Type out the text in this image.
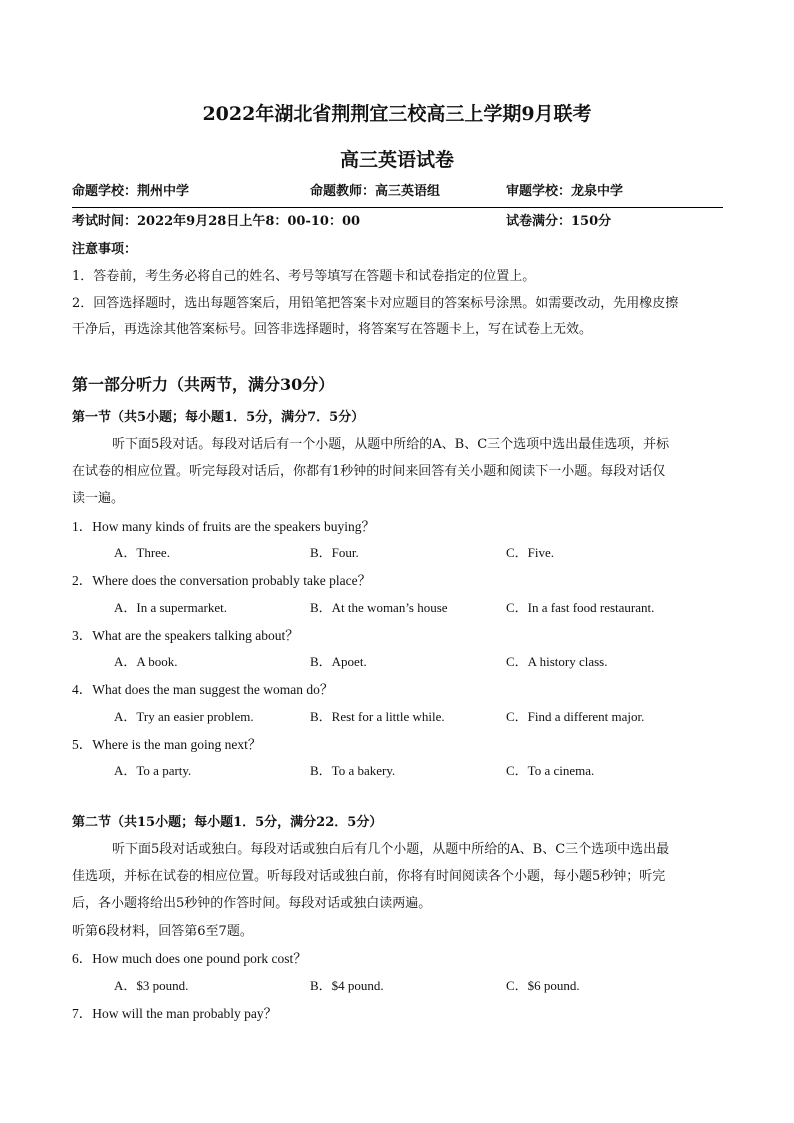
2022年湖北省荆荆宜三校高三上学期9月联考
高三英语试卷
命题学校：荆州中学	命题教师：高三英语组	审题学校：龙泉中学
考试时间：2022年9月28日上午8：00-10：00	试卷满分：150分
注意事项：
1．答卷前，考生务必将自己的姓名、考号等填写在答题卡和试卷指定的位置上。
2．回答选择题时，选出每题答案后，用铅笔把答案卡对应题目的答案标号涂黑。如需要改动，先用橡皮擦
干净后，再选涂其他答案标号。回答非选择题时，将答案写在答题卡上，写在试卷上无效。
第一部分听力（共两节，满分30分）
第一节（共5小题；每小题1．5分，满分7．5分）
听下面5段对话。每段对话后有一个小题，从题中所给的A、B、C三个选项中选出最佳选项，并标
在试卷的相应位置。听完每段对话后，你都有1秒钟的时间来回答有关小题和阅读下一小题。每段对话仅
读一遍。
1．How many kinds of fruits are the speakers buying？
A．Three.	B．Four.	C．Five.
2．Where does the conversation probably take place？
A．In a supermarket.	B．At the woman’s house	C．In a fast food restaurant.
3．What are the speakers talking about？
A．A book.	B．Apoet.	C．A history class.
4．What does the man suggest the woman do？
A．Try an easier problem.	B．Rest for a little while.	C．Find a different major.
5．Where is the man going next？
A．To a party.	B．To a bakery.	C．To a cinema.
第二节（共15小题；每小题1．5分，满分22．5分）
听下面5段对话或独白。每段对话或独白后有几个小题，从题中所给的A、B、C三个选项中选出最
佳选项，并标在试卷的相应位置。听每段对话或独白前，你将有时间阅读各个小题，每小题5秒钟；听完
后，各小题将给出5秒钟的作答时间。每段对话或独白读两遍。
听第6段材料，回答第6至7题。
6．How much does one pound pork cost？
A．$3 pound.	B．$4 pound.	C．$6 pound.
7．How will the man probably pay？
